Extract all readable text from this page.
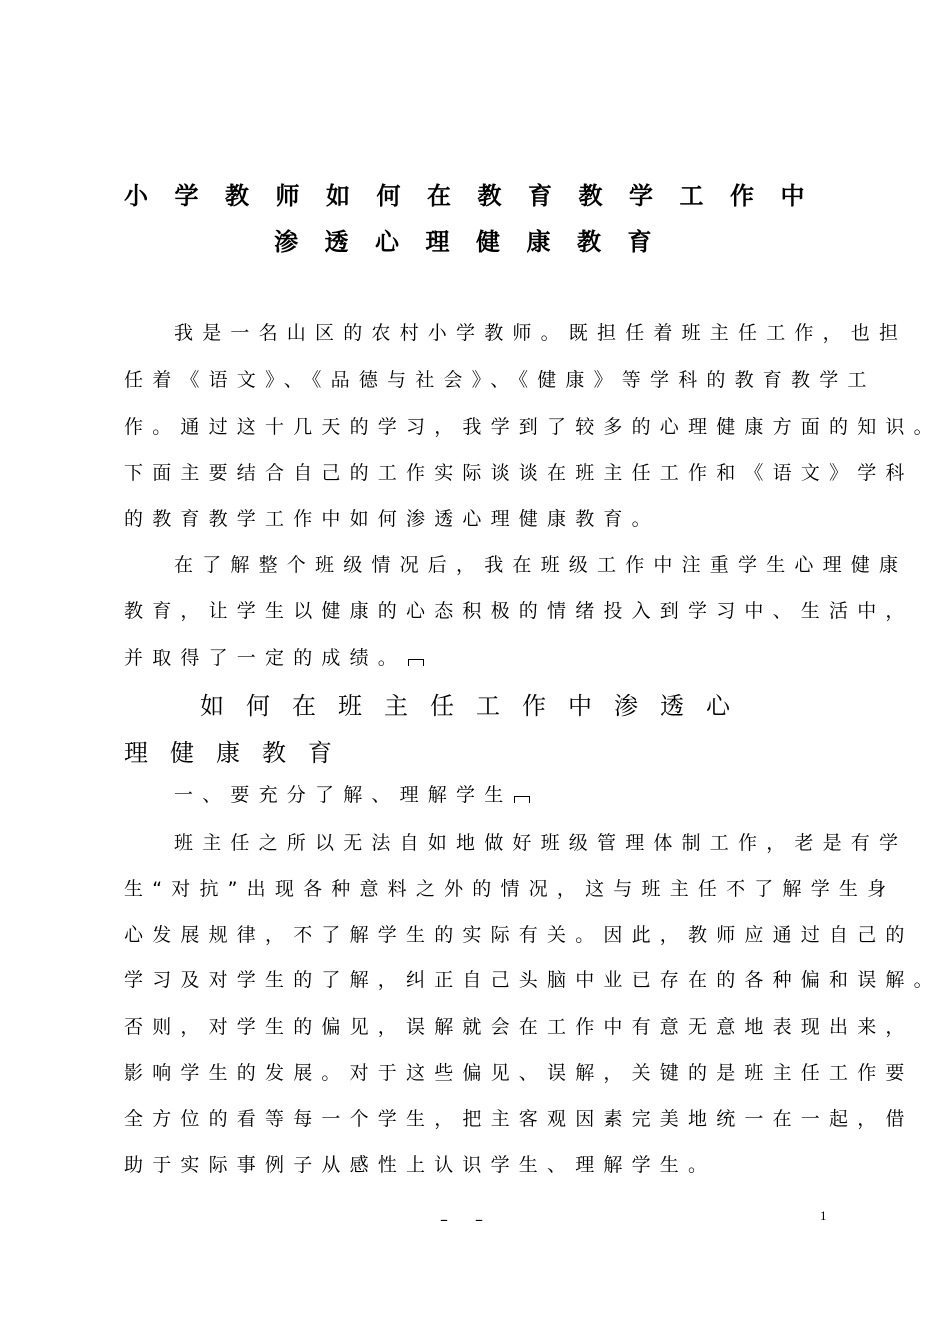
小学教师如何在教育教学工作中
渗透心理健康教育
我是一名山区的农村小学教师。既担任着班主任工作，也担
任着《语文》、《品德与社会》、《健康》等学科的教育教学工
作。通过这十几天的学习，我学到了较多的心理健康方面的知识。
下面主要结合自己的工作实际谈谈在班主任工作和《语文》学科
的教育教学工作中如何渗透心理健康教育。
在了解整个班级情况后，我在班级工作中注重学生心理健康
教育，让学生以健康的心态积极的情绪投入到学习中、生活中，
并取得了一定的成绩。
如何在班主任工作中渗透心
理健康教育
一、要充分了解、理解学生
班主任之所以无法自如地做好班级管理体制工作，老是有学
生“对抗”出现各种意料之外的情况，这与班主任不了解学生身
心发展规律，不了解学生的实际有关。因此，教师应通过自己的
学习及对学生的了解，纠正自己头脑中业已存在的各种偏和误解。
否则，对学生的偏见，误解就会在工作中有意无意地表现出来，
影响学生的发展。对于这些偏见、误解，关键的是班主任工作要
全方位的看等每一个学生，把主客观因素完美地统一在一起，借
助于实际事例子从感性上认识学生、理解学生。
– –	1
